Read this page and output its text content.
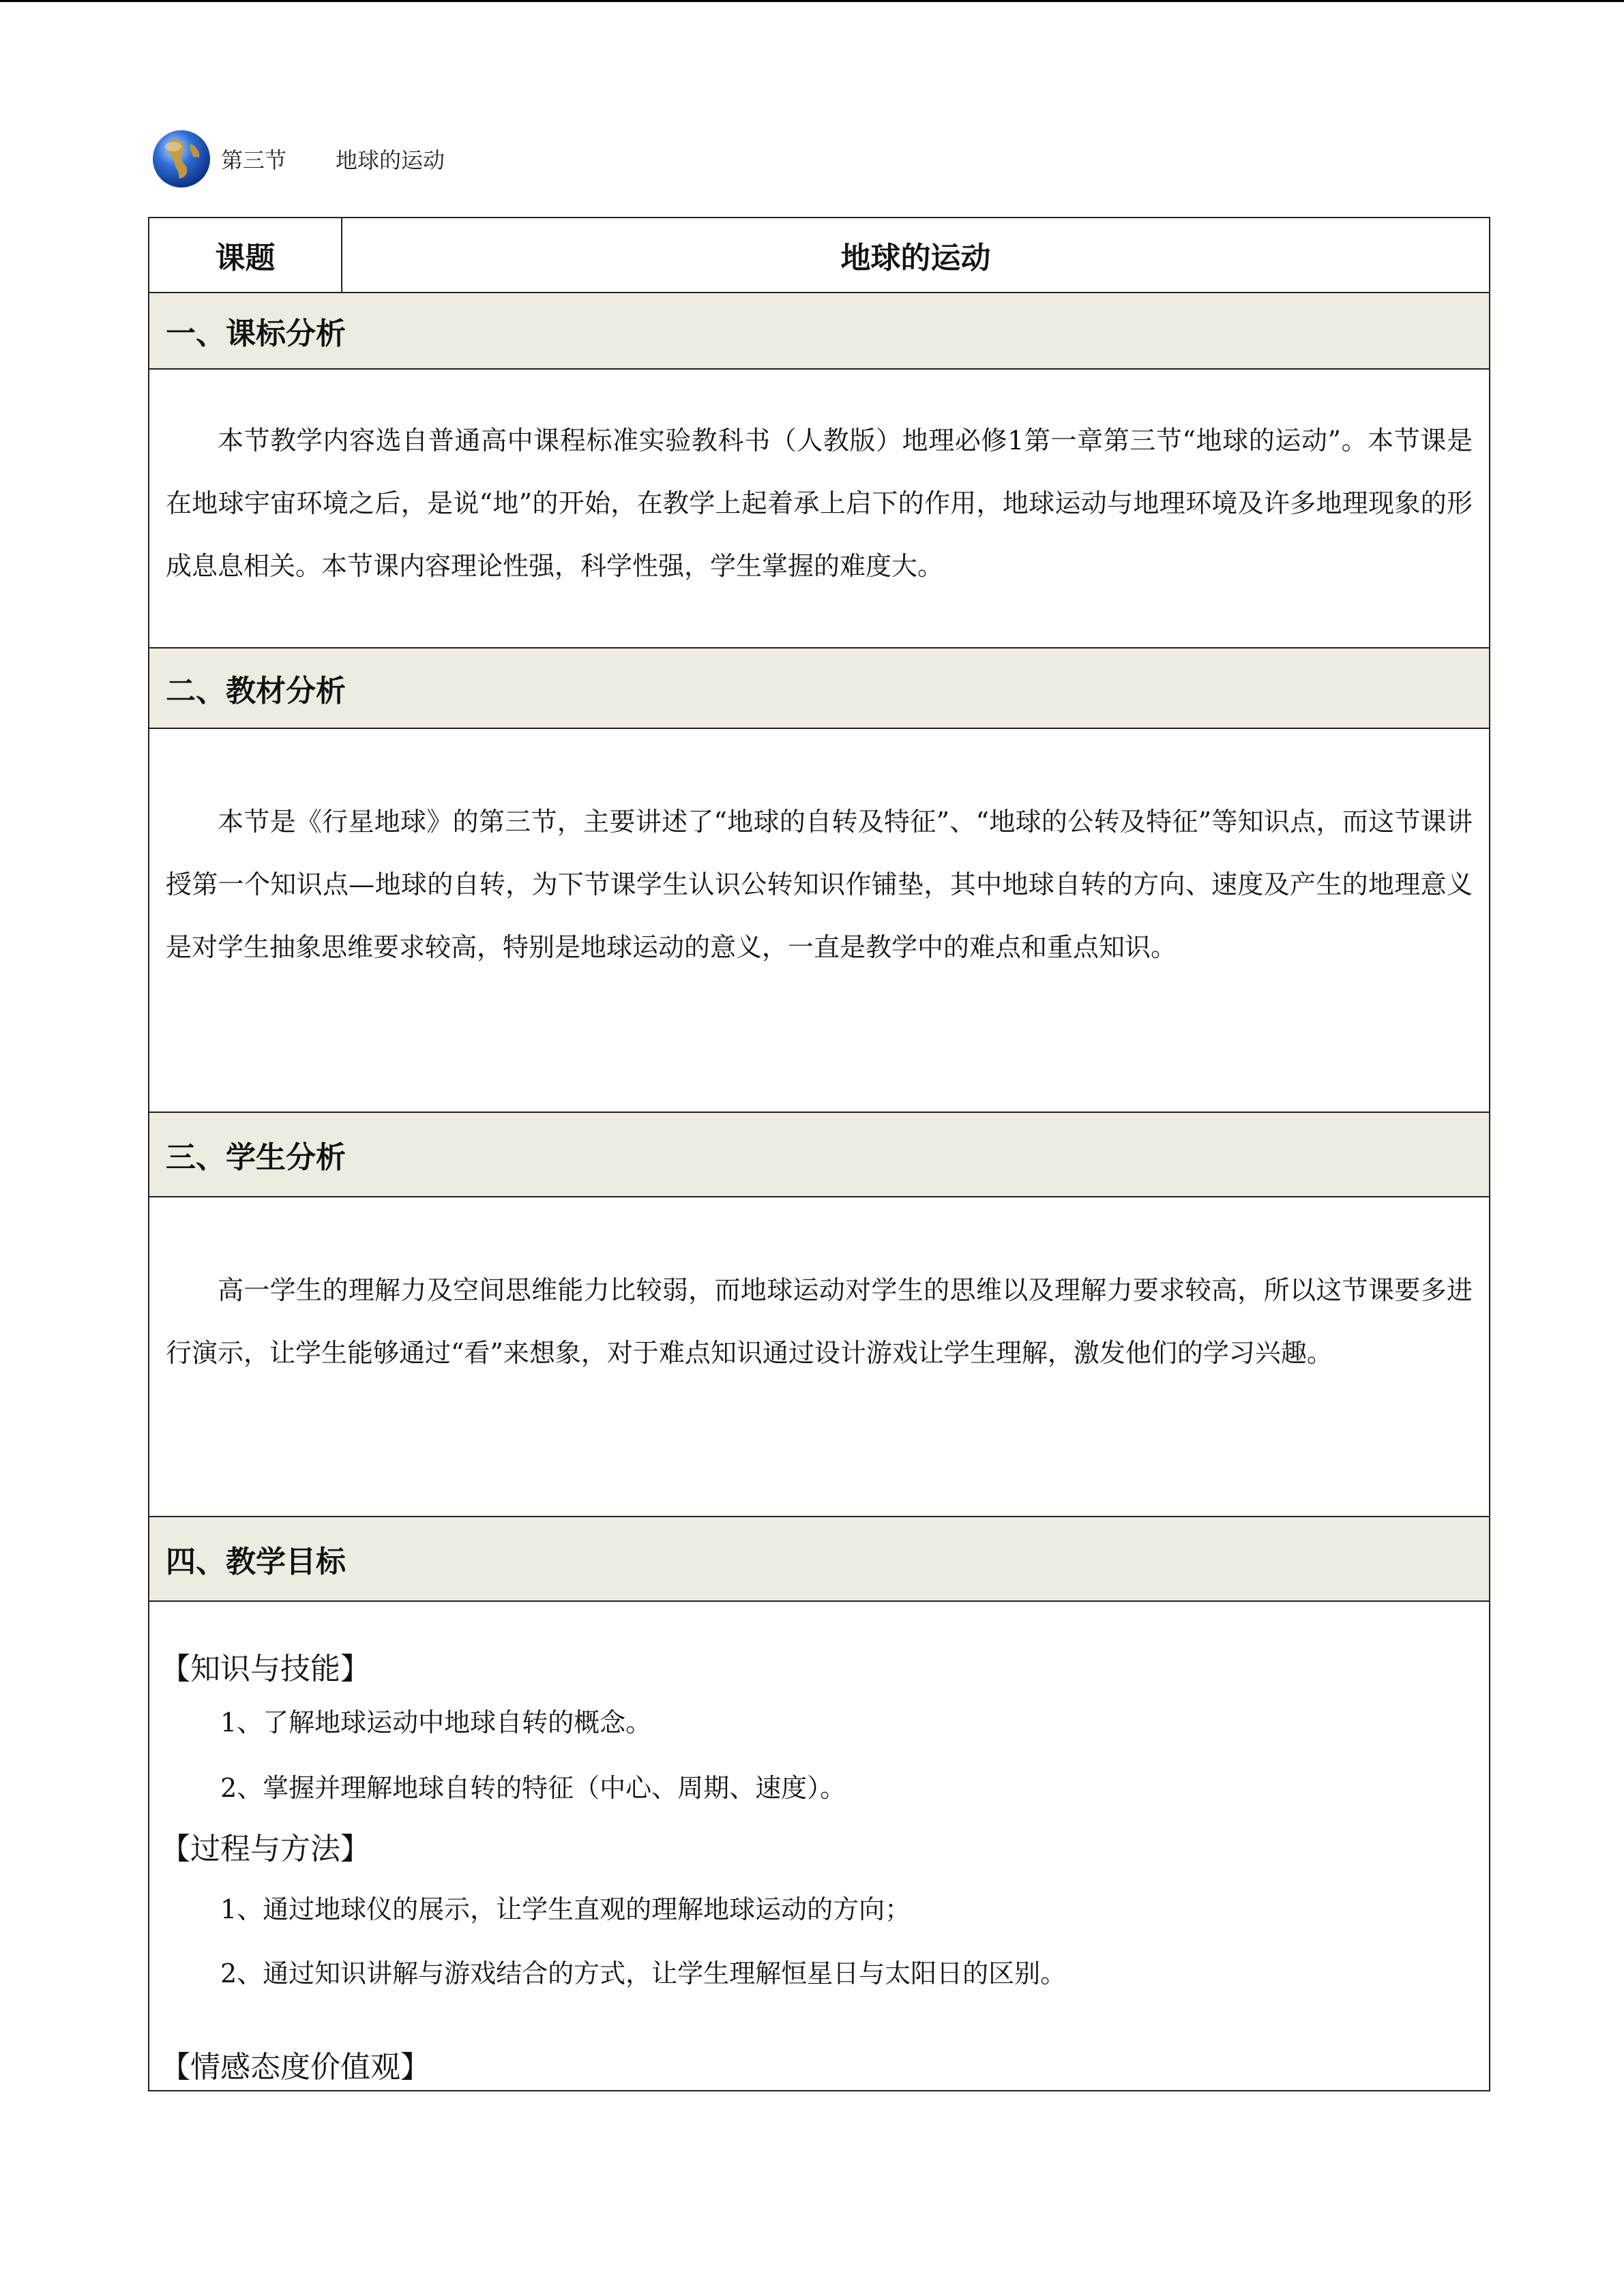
第三节 地球的运动
课题	地球的运动
一、课标分析

本节教学内容选自普通高中课程标准实验教科书（人教版）地理必修1第一章第三节“地球的运动”。本节课是在地球宇宙环境之后，是说“地”的开始，在教学上起着承上启下的作用，地球运动与地理环境及许多地理现象的形成息息相关。本节课内容理论性强，科学性强，学生掌握的难度大。

二、教材分析

本节是《行星地球》的第三节，主要讲述了“地球的自转及特征”、“地球的公转及特征”等知识点，而这节课讲授第一个知识点—地球的自转，为下节课学生认识公转知识作铺垫，其中地球自转的方向、速度及产生的地理意义是对学生抽象思维要求较高，特别是地球运动的意义，一直是教学中的难点和重点知识。

三、学生分析

高一学生的理解力及空间思维能力比较弱，而地球运动对学生的思维以及理解力要求较高，所以这节课要多进行演示，让学生能够通过“看”来想象，对于难点知识通过设计游戏让学生理解，激发他们的学习兴趣。

四、教学目标
【知识与技能】
1、了解地球运动中地球自转的概念。
2、掌握并理解地球自转的特征（中心、周期、速度）。
【过程与方法】
1、通过地球仪的展示，让学生直观的理解地球运动的方向；
2、通过知识讲解与游戏结合的方式，让学生理解恒星日与太阳日的区别。
【情感态度价值观】
